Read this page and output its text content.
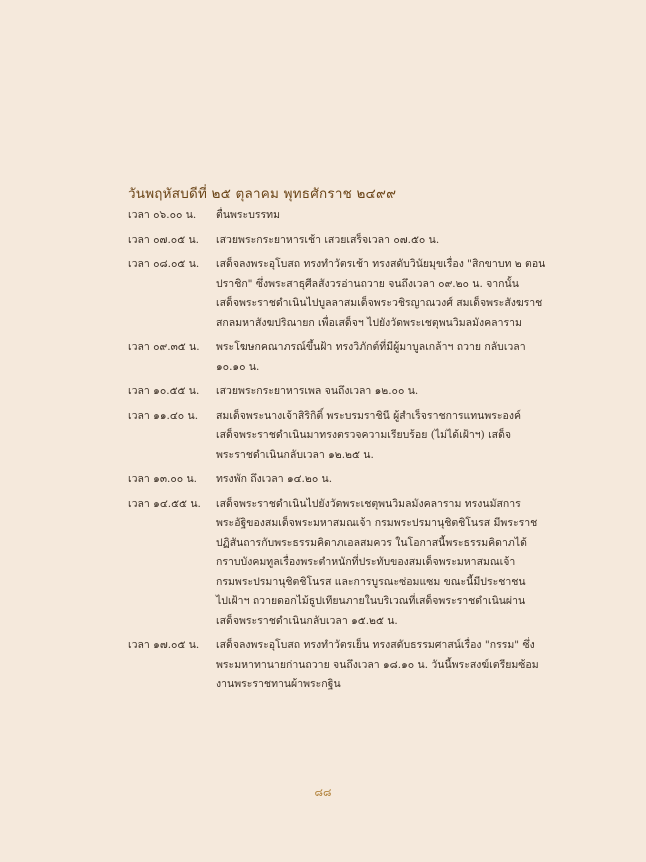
วันพฤหัสบดีที่ ๒๕ ตุลาคม พุทธศักราช ๒๔๙๙
เวลา ๐๖.๐๐ น.	ตื่นพระบรรทม
เวลา ๐๗.๐๕ น.	เสวยพระกระยาหารเช้า เสวยเสร็จเวลา ๐๗.๕๐ น.
เวลา ๐๘.๐๕ น.	เสด็จลงพระอุโบสถ ทรงทำวัตรเช้า ทรงสดับวินัยมุขเรื่อง "สิกขาบท ๒ ตอน
ปราชิก" ซึ่งพระสาธุศีลสังวรอ่านถวาย จนถึงเวลา ๐๙.๒๐ น. จากนั้น
เสด็จพระราชดำเนินไปบูลลาสมเด็จพระวชิรญาณวงศ์ สมเด็จพระสังฆราช
สกลมหาสังฆปริณายก เพื่อเสด็จฯ ไปยังวัดพระเชตุพนวิมลมังคลาราม
เวลา ๐๙.๓๕ น.	พระโฆษกคณาภรณ์ขึ้นฝ้า ทรงวิภักต์ที่มีผู้มาบูลเกล้าฯ ถวาย กลับเวลา
๑๐.๑๐ น.
เวลา ๑๐.๕๕ น.	เสวยพระกระยาหารเพล จนถึงเวลา ๑๒.๐๐ น.
เวลา ๑๑.๔๐ น.	สมเด็จพระนางเจ้าสิริกิติ์ พระบรมราชินี ผู้สำเร็จราชการแทนพระองค์
เสด็จพระราชดำเนินมาทรงตรวจความเรียบร้อย (ไม่ได้เฝ้าฯ) เสด็จ
พระราชดำเนินกลับเวลา ๑๒.๒๕ น.
เวลา ๑๓.๐๐ น.	ทรงพัก ถึงเวลา ๑๔.๒๐ น.
เวลา ๑๔.๕๕ น.	เสด็จพระราชดำเนินไปยังวัดพระเชตุพนวิมลมังคลาราม ทรงนมัสการ
พระอัฐิของสมเด็จพระมหาสมณเจ้า กรมพระปรมานุชิตชิโนรส มีพระราช
ปฏิสันถารกับพระธรรมคิดาภเอลสมควร ในโอกาสนี้พระธรรมคิดาภได้
กราบบังคมทูลเรื่องพระตำหนักที่ประทับของสมเด็จพระมหาสมณเจ้า
กรมพระปรมานุชิตชิโนรส และการบูรณะซ่อมแซม ขณะนี้มีประชาชน
ไปเฝ้าฯ ถวายดอกไม้ธูปเทียนภายในบริเวณที่เสด็จพระราชดำเนินผ่าน
เสด็จพระราชดำเนินกลับเวลา ๑๕.๒๕ น.
เวลา ๑๗.๐๕ น.	เสด็จลงพระอุโบสถ ทรงทำวัตรเย็น ทรงสดับธรรมศาสน์เรื่อง "กรรม" ซึ่ง
พระมหาทานายก่านถวาย จนถึงเวลา ๑๘.๑๐ น. วันนี้พระสงฆ์เตรียมซ้อม
งานพระราชทานผ้าพระกฐิน
๘๘
